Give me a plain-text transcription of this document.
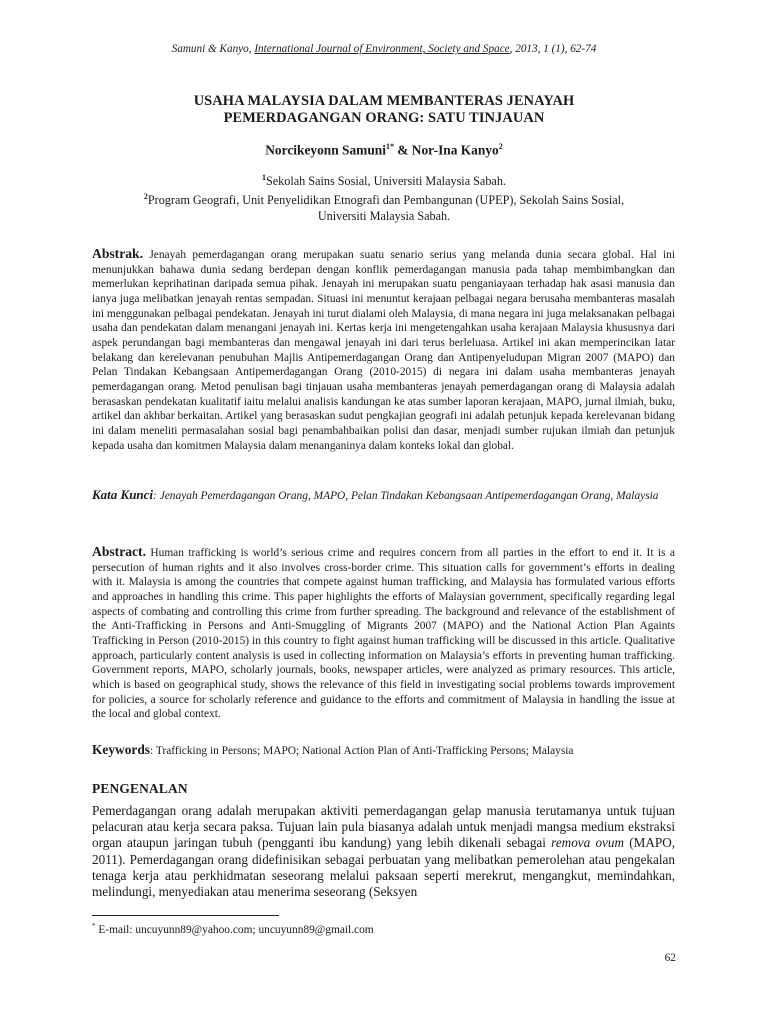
Samuni & Kanyo, International Journal of Environment, Society and Space, 2013, 1 (1), 62-74
USAHA MALAYSIA DALAM MEMBANTERAS JENAYAH
PEMERDAGANGAN ORANG: SATU TINJAUAN
Norcikeyonn Samuni$^{1*}$ & Nor-Ina Kanyo$^2$
$^1$Sekolah Sains Sosial, Universiti Malaysia Sabah.
$^2$Program Geografi, Unit Penyelidikan Etnografi dan Pembangunan (UPEP), Sekolah Sains Sosial,
Universiti Malaysia Sabah.
Abstrak. Jenayah pemerdagangan orang merupakan suatu senario serius yang melanda dunia secara global. Hal ini menunjukkan bahawa dunia sedang berdepan dengan konflik pemerdagangan manusia pada tahap membimbangkan dan memerlukan keprihatinan daripada semua pihak. Jenayah ini merupakan suatu penganiayaan terhadap hak asasi manusia dan ianya juga melibatkan jenayah rentas sempadan. Situasi ini menuntut kerajaan pelbagai negara berusaha membanteras masalah ini menggunakan pelbagai pendekatan. Jenayah ini turut dialami oleh Malaysia, di mana negara ini juga melaksanakan pelbagai usaha dan pendekatan dalam menangani jenayah ini. Kertas kerja ini mengetengahkan usaha kerajaan Malaysia khususnya dari aspek perundangan bagi membanteras dan mengawal jenayah ini dari terus berleluasa. Artikel ini akan memperincikan latar belakang dan kerelevanan penubuhan Majlis Antipemerdagangan Orang dan Antipenyeludupan Migran 2007 (MAPO) dan Pelan Tindakan Kebangsaan Antipemerdagangan Orang (2010-2015) di negara ini dalam usaha membanteras jenayah pemerdagangan orang. Metod penulisan bagi tinjauan usaha membanteras jenayah pemerdagangan orang di Malaysia adalah berasaskan pendekatan kualitatif iaitu melalui analisis kandungan ke atas sumber laporan kerajaan, MAPO, jurnal ilmiah, buku, artikel dan akhbar berkaitan. Artikel yang berasaskan sudut pengkajian geografi ini adalah petunjuk kepada kerelevanan bidang ini dalam meneliti permasalahan sosial bagi penambahbaikan polisi dan dasar, menjadi sumber rujukan ilmiah dan petunjuk kepada usaha dan komitmen Malaysia dalam menanganinya dalam konteks lokal dan global.
Kata Kunci: Jenayah Pemerdagangan Orang, MAPO, Pelan Tindakan Kebangsaan Antipemerdagangan Orang, Malaysia
Abstract. Human trafficking is world’s serious crime and requires concern from all parties in the effort to end it. It is a persecution of human rights and it also involves cross-border crime. This situation calls for government’s efforts in dealing with it. Malaysia is among the countries that compete against human trafficking, and Malaysia has formulated various efforts and approaches in handling this crime. This paper highlights the efforts of Malaysian government, specifically regarding legal aspects of combating and controlling this crime from further spreading. The background and relevance of the establishment of the Anti-Trafficking in Persons and Anti-Smuggling of Migrants 2007 (MAPO) and the National Action Plan Againts Trafficking in Person (2010-2015) in this country to fight against human trafficking will be discussed in this article. Qualitative approach, particularly content analysis is used in collecting information on Malaysia’s efforts in preventing human trafficking. Government reports, MAPO, scholarly journals, books, newspaper articles, were analyzed as primary resources. This article, which is based on geographical study, shows the relevance of this field in investigating social problems towards improvement for policies, a source for scholarly reference and guidance to the efforts and commitment of Malaysia in handling the issue at the local and global context.
Keywords: Trafficking in Persons; MAPO; National Action Plan of Anti-Trafficking Persons; Malaysia
PENGENALAN
Pemerdagangan orang adalah merupakan aktiviti pemerdagangan gelap manusia terutamanya untuk tujuan pelacuran atau kerja secara paksa. Tujuan lain pula biasanya adalah untuk menjadi mangsa medium ekstraksi organ ataupun jaringan tubuh (pengganti ibu kandung) yang lebih dikenali sebagai remova ovum (MAPO, 2011). Pemerdagangan orang didefinisikan sebagai perbuatan yang melibatkan pemerolehan atau pengekalan tenaga kerja atau perkhidmatan seseorang melalui paksaan seperti merekrut, mengangkut, memindahkan, melindungi, menyediakan atau menerima seseorang (Seksyen
* E-mail: uncuyunn89@yahoo.com; uncuyunn89@gmail.com
62
